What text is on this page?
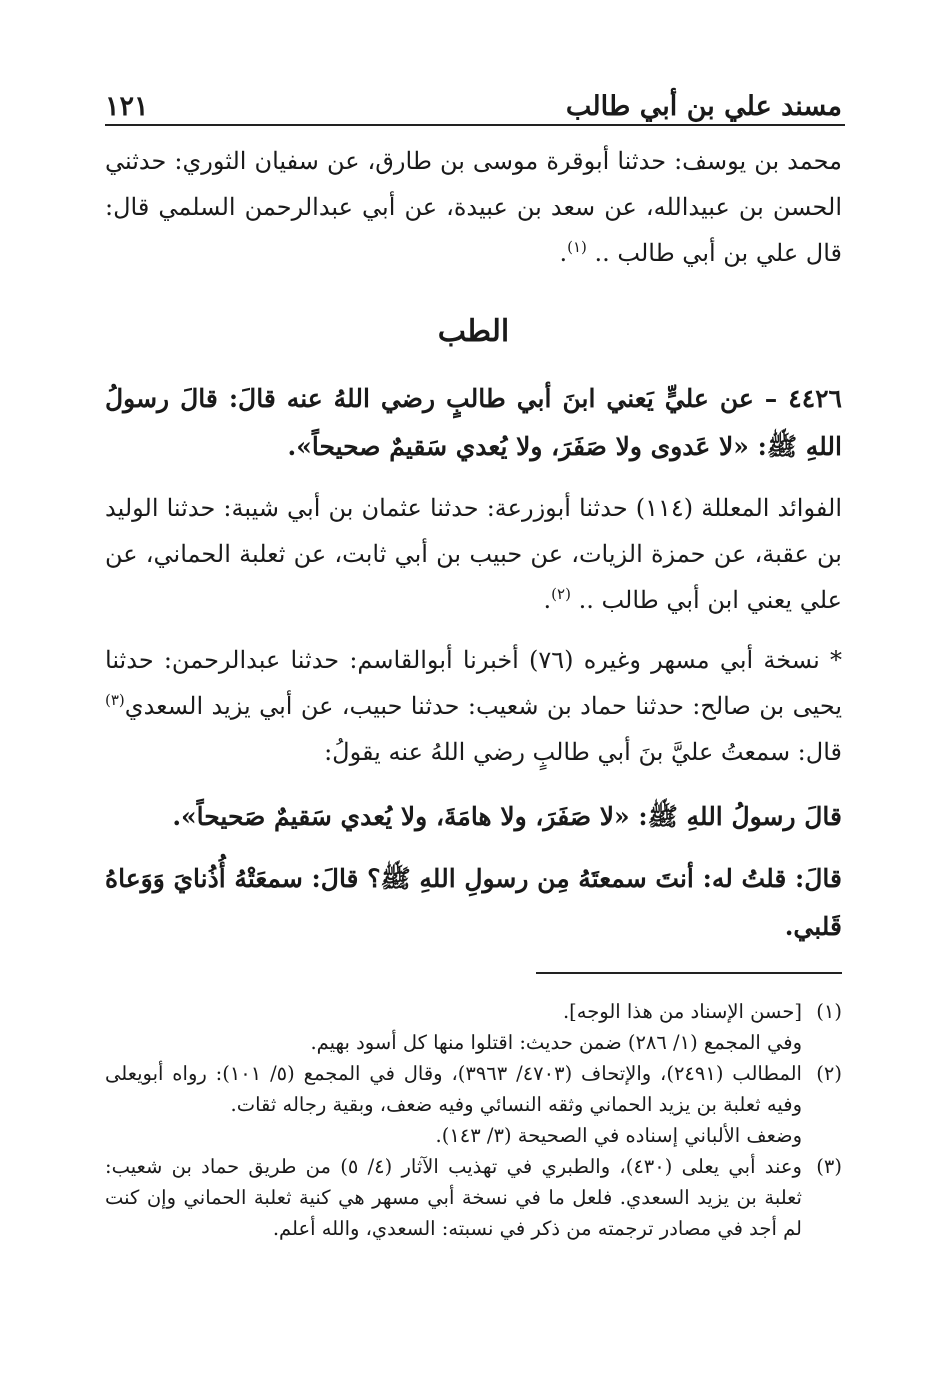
مسند علي بن أبي طالب
١٢١

محمد بن يوسف: حدثنا أبوقرة موسى بن طارق، عن سفيان الثوري: حدثني الحسن بن عبيدالله، عن سعد بن عبيدة، عن أبي عبدالرحمن السلمي قال: قال علي بن أبي طالب .. $^{(١)}$.

الطب

٤٤٢٦ – عن عليٍّ يَعني ابنَ أبي طالبٍ رضي اللهُ عنه قالَ: قالَ رسولُ اللهِ ﷺ: «لا عَدوى ولا صَفَرَ، ولا يُعدي سَقيمٌ صحيحاً».

الفوائد المعللة (١١٤) حدثنا أبوزرعة: حدثنا عثمان بن أبي شيبة: حدثنا الوليد بن عقبة، عن حمزة الزيات، عن حبيب بن أبي ثابت، عن ثعلبة الحماني، عن علي يعني ابن أبي طالب .. $^{(٢)}$.

* نسخة أبي مسهر وغيره (٧٦) أخبرنا أبوالقاسم: حدثنا عبدالرحمن: حدثنا يحيى بن صالح: حدثنا حماد بن شعيب: حدثنا حبيب، عن أبي يزيد السعدي$^{(٣)}$ قال: سمعتُ عليَّ بنَ أبي طالبٍ رضي اللهُ عنه يقولُ:

قالَ رسولُ اللهِ ﷺ: «لا صَفَرَ، ولا هامَةَ، ولا يُعدي سَقيمٌ صَحيحاً».

قالَ: قلتُ له: أنتَ سمعتَهُ مِن رسولِ اللهِ ﷺ؟ قالَ: سمعَتْهُ أُذُنايَ وَوَعاهُ قَلبي.

(١)

[حسن الإسناد من هذا الوجه].

وفي المجمع (١/ ٢٨٦) ضمن حديث: اقتلوا منها كل أسود بهيم.

(٢)

المطالب (٢٤٩١)، والإتحاف (٤٧٠٣/ ٣٩٦٣)، وقال في المجمع (٥/ ١٠١): رواه أبويعلى وفيه ثعلبة بن يزيد الحماني وثقه النسائي وفيه ضعف، وبقية رجاله ثقات.

وضعف الألباني إسناده في الصحيحة (٣/ ١٤٣).

(٣)

وعند أبي يعلى (٤٣٠)، والطبري في تهذيب الآثار (٤/ ٥) من طريق حماد بن شعيب: ثعلبة بن يزيد السعدي. فلعل ما في نسخة أبي مسهر هي كنية ثعلبة الحماني وإن كنت لم أجد في مصادر ترجمته من ذكر في نسبته: السعدي، والله أعلم.
